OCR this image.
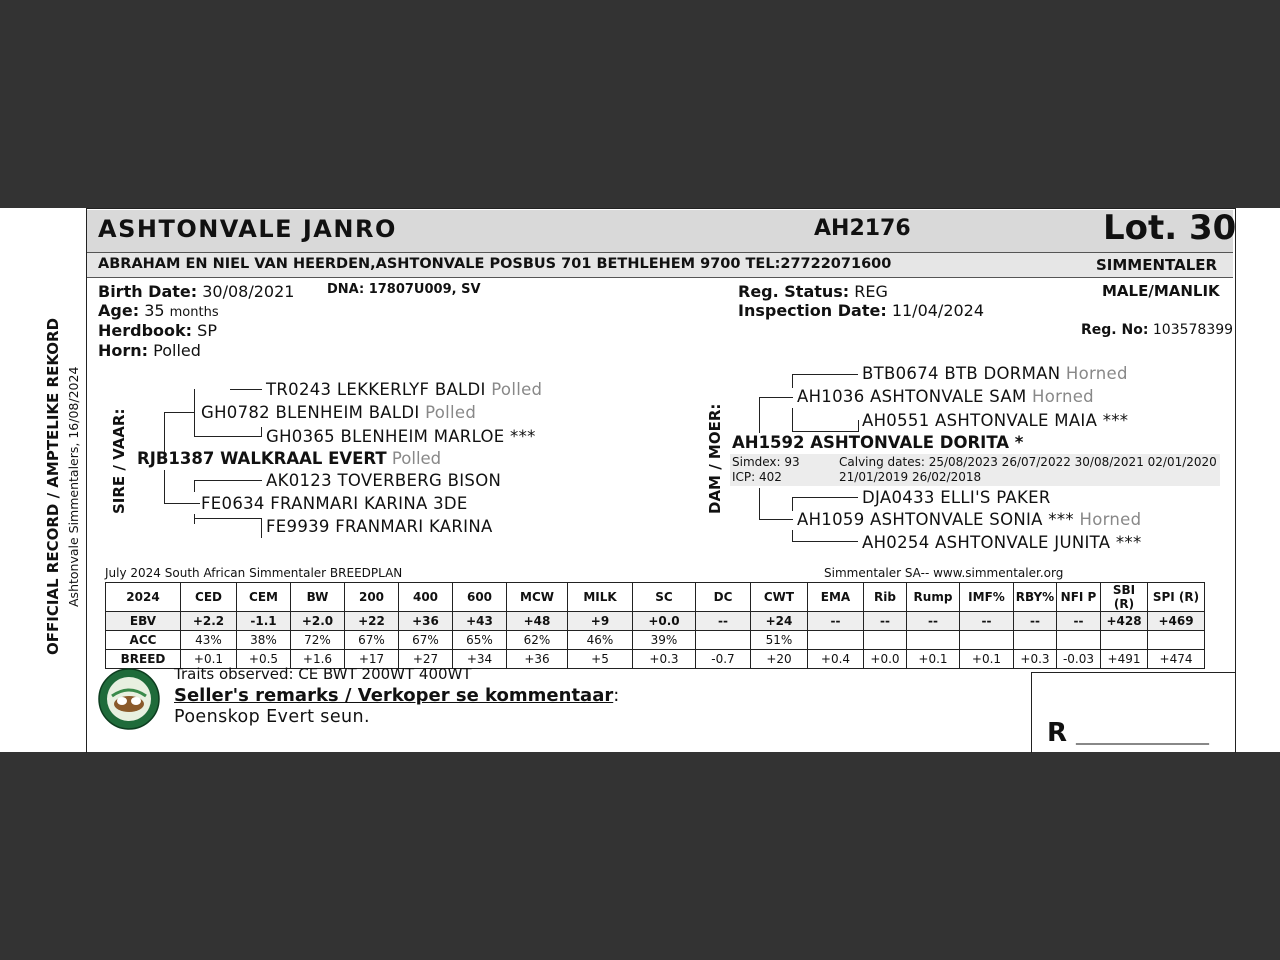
OFFICIAL RECORD / AMPTELIKE REKORD Ashtonvale Simmentalers, 16/08/2024
ASHTONVALE JANRO	AH2176	Lot. 30
ABRAHAM EN NIEL VAN HEERDEN,ASHTONVALE POSBUS 701 BETHLEHEM 9700 TEL:27722071600	SIMMENTALER
Birth Date: 30/08/2021	DNA: 17807U009, SV
Age: 35 months
Herdbook: SP
Horn: Polled
Reg. Status: REG
Inspection Date: 11/04/2024
MALE/MANLIK
Reg. No: 103578399
SIRE / VAAR:
TR0243 LEKKERLYF BALDI Polled
GH0782 BLENHEIM BALDI Polled
GH0365 BLENHEIM MARLOE ***
RJB1387 WALKRAAL EVERT Polled
AK0123 TOVERBERG BISON
FE0634 FRANMARI KARINA 3DE
FE9939 FRANMARI KARINA
DAM / MOER:
BTB0674 BTB DORMAN Horned
AH1036 ASHTONVALE SAM Horned
AH0551 ASHTONVALE MAIA ***
AH1592 ASHTONVALE DORITA *
Simdex: 93
ICP: 402
Calving dates: 25/08/2023 26/07/2022 30/08/2021 02/01/2020
21/01/2019 26/02/2018
DJA0433 ELLI'S PAKER
AH1059 ASHTONVALE SONIA *** Horned
AH0254 ASHTONVALE JUNITA ***
July 2024 South African Simmentaler BREEDPLAN	Simmentaler SA-- www.simmentaler.org
2024	CED	CEM	BW	200	400	600	MCW	MILK	SC	DC	CWT	EMA	Rib	Rump	IMF%	RBY%	NFI P	SBI (R)	SPI (R)
EBV	+2.2	-1.1	+2.0	+22	+36	+43	+48	+9	+0.0	--	+24	--	--	--	--	--	--	+428	+469
ACC	43%	38%	72%	67%	67%	65%	62%	46%	39%		51%								
BREED	+0.1	+0.5	+1.6	+17	+27	+34	+36	+5	+0.3	-0.7	+20	+0.4	+0.0	+0.1	+0.1	+0.3	-0.03	+491	+474
Traits observed: CE BWT 200WT 400WT
Seller's remarks / Verkoper se kommentaar:
Poenskop Evert seun.
R ___________________
